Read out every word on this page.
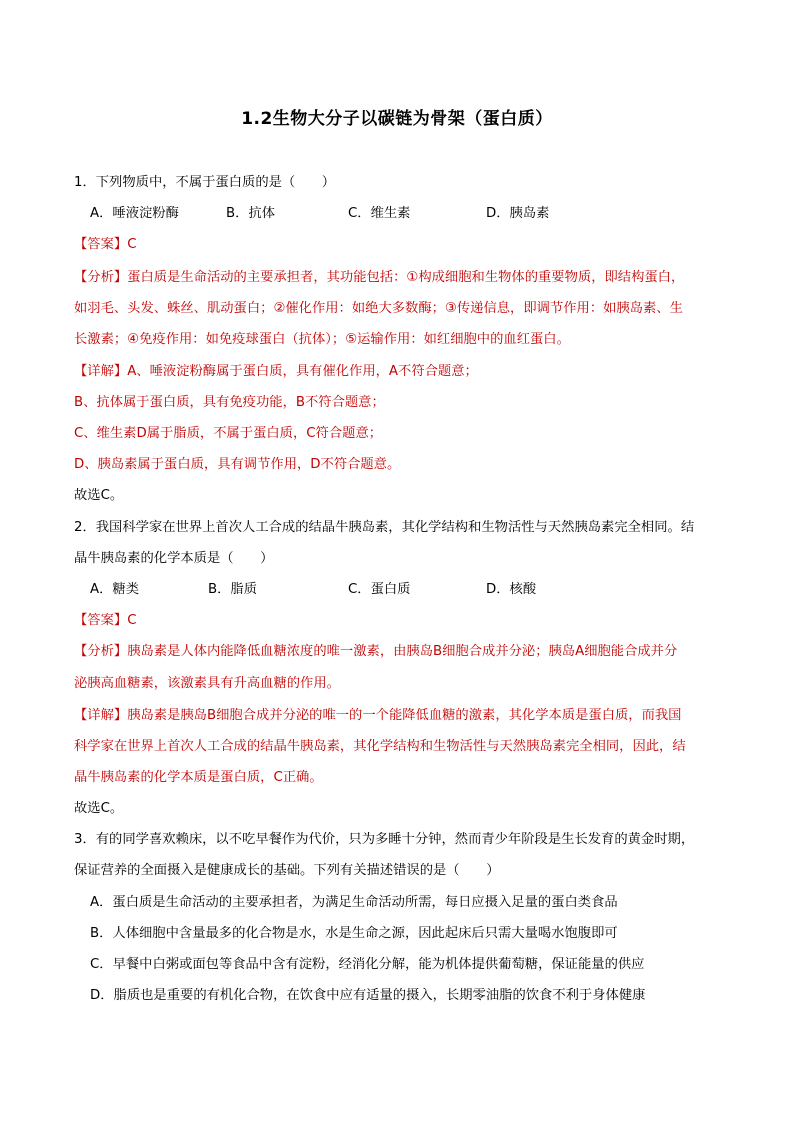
1.2生物大分子以碳链为骨架（蛋白质）
1．下列物质中，不属于蛋白质的是（　　）
A．唾液淀粉酶	B．抗体	C．维生素	D．胰岛素
【答案】C
【分析】蛋白质是生命活动的主要承担者，其功能包括：①构成细胞和生物体的重要物质，即结构蛋白，
如羽毛、头发、蛛丝、肌动蛋白；②催化作用：如绝大多数酶；③传递信息，即调节作用：如胰岛素、生
长激素；④免疫作用：如免疫球蛋白（抗体）；⑤运输作用：如红细胞中的血红蛋白。
【详解】A、唾液淀粉酶属于蛋白质，具有催化作用，A不符合题意；
B、抗体属于蛋白质，具有免疫功能，B不符合题意；
C、维生素D属于脂质，不属于蛋白质，C符合题意；
D、胰岛素属于蛋白质，具有调节作用，D不符合题意。
故选C。
2．我国科学家在世界上首次人工合成的结晶牛胰岛素，其化学结构和生物活性与天然胰岛素完全相同。结
晶牛胰岛素的化学本质是（　　）
A．糖类	B．脂质	C．蛋白质	D．核酸
【答案】C
【分析】胰岛素是人体内能降低血糖浓度的唯一激素，由胰岛B细胞合成并分泌；胰岛A细胞能合成并分
泌胰高血糖素，该激素具有升高血糖的作用。
【详解】胰岛素是胰岛B细胞合成并分泌的唯一的一个能降低血糖的激素，其化学本质是蛋白质，而我国
科学家在世界上首次人工合成的结晶牛胰岛素，其化学结构和生物活性与天然胰岛素完全相同，因此，结
晶牛胰岛素的化学本质是蛋白质，C正确。
故选C。
3．有的同学喜欢赖床，以不吃早餐作为代价，只为多睡十分钟，然而青少年阶段是生长发育的黄金时期，
保证营养的全面摄入是健康成长的基础。下列有关描述错误的是（　　）
A．蛋白质是生命活动的主要承担者，为满足生命活动所需，每日应摄入足量的蛋白类食品
B．人体细胞中含量最多的化合物是水，水是生命之源，因此起床后只需大量喝水饱腹即可
C．早餐中白粥或面包等食品中含有淀粉，经消化分解，能为机体提供葡萄糖，保证能量的供应
D．脂质也是重要的有机化合物，在饮食中应有适量的摄入，长期零油脂的饮食不利于身体健康
